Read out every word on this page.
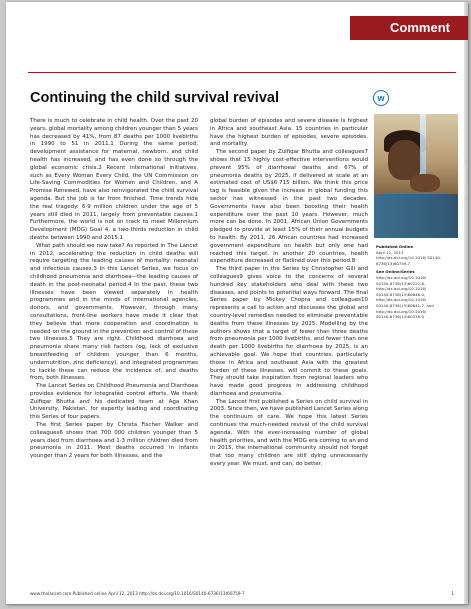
Comment
Continuing the child survival revival	w

There is much to celebrate in child health. Over the past 20 years, global mortality among children younger than 5 years has decreased by 41%, from 87 deaths per 1000 livebirths in 1990 to 51 in 2011.1 During the same period, development assistance for maternal, newborn, and child health has increased, and has even done so through the global economic crisis.2 Recent international initiatives, such as Every Woman Every Child, the UN Commission on Life-Saving Commodities for Women and Children, and A Promise Renewed, have also reinvigorated the child survival agenda. But the job is far from finished. Time trends hide the real tragedy: 6·9 million children under the age of 5 years still died in 2011, largely from preventable causes.1 Furthermore, the world is not on track to meet Millennium Development (MDG) Goal 4, a two-thirds reduction in child deaths between 1990 and 2015.1

What path should we now take? As reported in The Lancet in 2012, accelerating the reduction in child deaths will require targeting the leading causes of mortality: neonatal and infectious causes.3 In this Lancet Series, we focus on childhood pneumonia and diarrhoea—the leading causes of death in the post-neonatal period.4 In the past, these two illnesses have been viewed separately in health programmes and in the minds of international agencies, donors, and governments. However, through many consultations, front-line workers have made it clear that they believe that more cooperation and coordination is needed on the ground in the prevention and control of these two illnesses.5 They are right. Childhood diarrhoea and pneumonia share many risk factors (eg, lack of exclusive breastfeeding of children younger than 6 months, undernutrition, zinc deficiency), and integrated programmes to tackle these can reduce the incidence of, and deaths from, both illnesses.

The Lancet Series on Childhood Pneumonia and Diarrhoea provides evidence for integrated control efforts. We thank Zulfiqar Bhutta and his dedicated team at Aga Khan University, Pakistan, for expertly leading and coordinating this Series of four papers.

The first Series paper by Christa Fischer Walker and colleagues6 shows that 700 000 children younger than 5 years died from diarrhoea and 1·3 million children died from pneumonia in 2011. Most deaths occurred in infants younger than 2 years for both illnesses, and the

global burden of episodes and severe disease is highest in Africa and southeast Asia. 15 countries in particular have the highest burden of episodes, severe episodes, and mortality.

The second paper by Zulfiqar Bhutta and colleagues7 shows that 15 highly cost-effective interventions would prevent 95% of diarrhoeal deaths and 67% of pneumonia deaths by 2025, if delivered at scale at an estimated cost of US$6·715 billion. We think this price tag is feasible given the increase in global funding this sector has witnessed in the past two decades. Governments have also been boosting their health expenditure over the past 10 years. However, much more can be done. In 2001, African Union Governments pledged to provide at least 15% of their annual budgets to health. By 2011, 26 African countries had increased government expenditure on health but only one had reached this target. In another 20 countries, health expenditure decreased or flatlined over this period.8

The third paper in the Series by Christopher Gill and colleagues9 gives voice to the concerns of several hundred key stakeholders who deal with these two diseases, and points to potential ways forward. The final Series paper by Mickey Chopra and colleagues10 represents a call to action and discusses the global and country-level remedies needed to eliminate preventable deaths from these illnesses by 2025. Modelling by the authors shows that a target of fewer than three deaths from pneumonia per 1000 livebirths, and fewer than one death per 1000 livebirths for diarrhoea by 2025, is an achievable goal. We hope that countries, particularly those in Africa and southeast Asia with the greatest burden of these illnesses, will commit to these goals. They should take inspiration from regional leaders who have made good progress in addressing childhood diarrhoea and pneumonia.

The Lancet first published a Series on child survival in 2003. Since then, we have published Lancet Series along the continuum of care. We hope this latest Series continues the much-needed revival of the child survival agenda. With the ever-increasing number of global health priorities, and with the MDG era coming to an end in 2015, the international community should not forget that too many children are still dying unnecessarily every year. We must, and can, do better.

Chris Jordan/Panos
Published Online
April 12, 2013
http://dx.doi.org/10.1016/ S0140-6736(13)60759-7
See Online/Series
http://dx.doi.org/10.1016/
S0140-6736(13)60222-6,
http://dx.doi.org/10.1016/
S0140-6736(13)60648-0,
http://dx.doi.org/10.1016/
S0140-6736(13)60641-7, and
http://dx.doi.org/10.1016/
S0140-6736(13)60319-0
www.thelancet.com Published online April 12, 2013 http://dx.doi.org/10.1016/S0140-6736(13)60759-7	1
